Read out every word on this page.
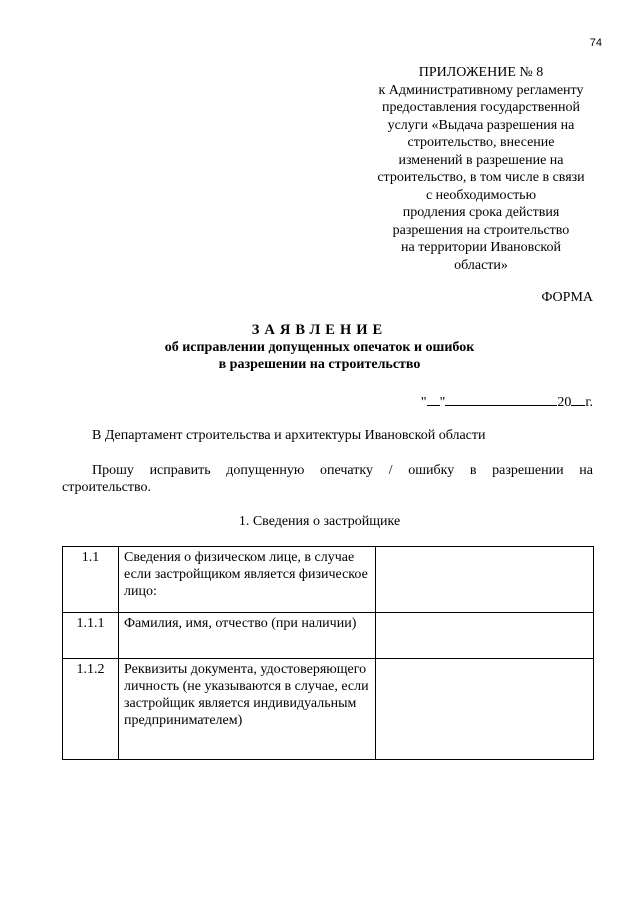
74
ПРИЛОЖЕНИЕ № 8
к Административному регламенту
предоставления государственной
услуги «Выдача разрешения на
строительство, внесение
изменений в разрешение на
строительство, в том числе в связи
с необходимостью
продления срока действия
разрешения на строительство
на территории Ивановской
области»
ФОРМА
ЗАЯВЛЕНИЕ
об исправлении допущенных опечаток и ошибок
в разрешении на строительство
" "	20 г.
В Департамент строительства и архитектуры Ивановской области
Прошу исправить допущенную опечатку / ошибку в разрешении на
строительство.
1. Сведения о застройщике
1.1	Сведения о физическом лице, в случае если застройщиком является физическое лицо:	
1.1.1	Фамилия, имя, отчество (при наличии)	
1.1.2	Реквизиты документа, удостоверяющего личность (не указываются в случае, если застройщик является индивидуальным предпринимателем)	
